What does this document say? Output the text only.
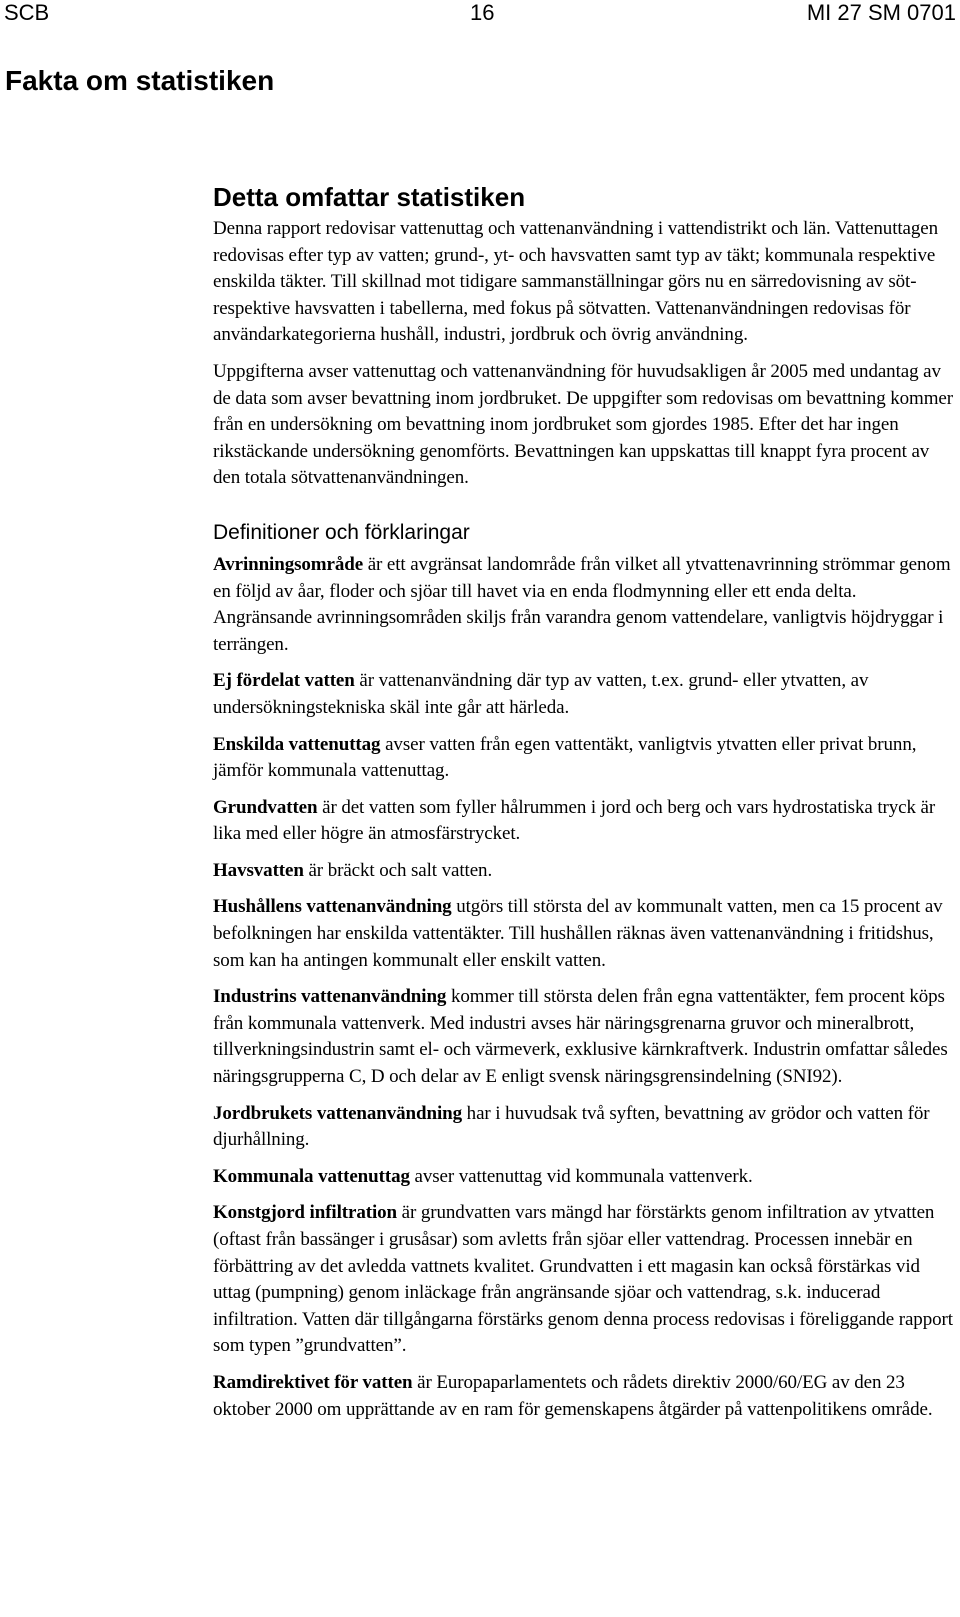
SCB	16	MI 27 SM 0701
Fakta om statistiken
Detta omfattar statistiken

Denna rapport redovisar vattenuttag och vattenanvändning i vattendistrikt och län. Vattenuttagen redovisas efter typ av vatten; grund-, yt- och havsvatten samt typ av täkt; kommunala respektive enskilda täkter. Till skillnad mot tidigare sammanställningar görs nu en särredovisning av söt- respektive havsvatten i tabellerna, med fokus på sötvatten. Vattenanvändningen redovisas för användarkategorierna hushåll, industri, jordbruk och övrig användning.

Uppgifterna avser vattenuttag och vattenanvändning för huvudsakligen år 2005 med undantag av de data som avser bevattning inom jordbruket. De uppgifter som redovisas om bevattning kommer från en undersökning om bevattning inom jordbruket som gjordes 1985. Efter det har ingen rikstäckande undersökning genomförts. Bevattningen kan uppskattas till knappt fyra procent av den totala sötvattenanvändningen.

Definitioner och förklaringar

Avrinningsområde är ett avgränsat landområde från vilket all ytvattenavrinning strömmar genom en följd av åar, floder och sjöar till havet via en enda flodmynning eller ett enda delta. Angränsande avrinningsområden skiljs från varandra genom vattendelare, vanligtvis höjdryggar i terrängen.

Ej fördelat vatten är vattenanvändning där typ av vatten, t.ex. grund- eller ytvatten, av undersökningstekniska skäl inte går att härleda.

Enskilda vattenuttag avser vatten från egen vattentäkt, vanligtvis ytvatten eller privat brunn, jämför kommunala vattenuttag.

Grundvatten är det vatten som fyller hålrummen i jord och berg och vars hydrostatiska tryck är lika med eller högre än atmosfärstrycket.

Havsvatten är bräckt och salt vatten.

Hushållens vattenanvändning utgörs till största del av kommunalt vatten, men ca 15 procent av befolkningen har enskilda vattentäkter. Till hushållen räknas även vattenanvändning i fritidshus, som kan ha antingen kommunalt eller enskilt vatten.

Industrins vattenanvändning kommer till största delen från egna vattentäkter, fem procent köps från kommunala vattenverk. Med industri avses här näringsgrenarna gruvor och mineralbrott, tillverkningsindustrin samt el- och värmeverk, exklusive kärnkraftverk. Industrin omfattar således näringsgrupperna C, D och delar av E enligt svensk näringsgrensindelning (SNI92).

Jordbrukets vattenanvändning har i huvudsak två syften, bevattning av grödor och vatten för djurhållning.

Kommunala vattenuttag avser vattenuttag vid kommunala vattenverk.

Konstgjord infiltration är grundvatten vars mängd har förstärkts genom infiltration av ytvatten (oftast från bassänger i grusåsar) som avletts från sjöar eller vattendrag. Processen innebär en förbättring av det avledda vattnets kvalitet. Grundvatten i ett magasin kan också förstärkas vid uttag (pumpning) genom inläckage från angränsande sjöar och vattendrag, s.k. inducerad infiltration. Vatten där tillgångarna förstärks genom denna process redovisas i föreliggande rapport som typen ”grundvatten”.

Ramdirektivet för vatten är Europaparlamentets och rådets direktiv 2000/60/EG av den 23 oktober 2000 om upprättande av en ram för gemenskapens åtgärder på vattenpolitikens område.
